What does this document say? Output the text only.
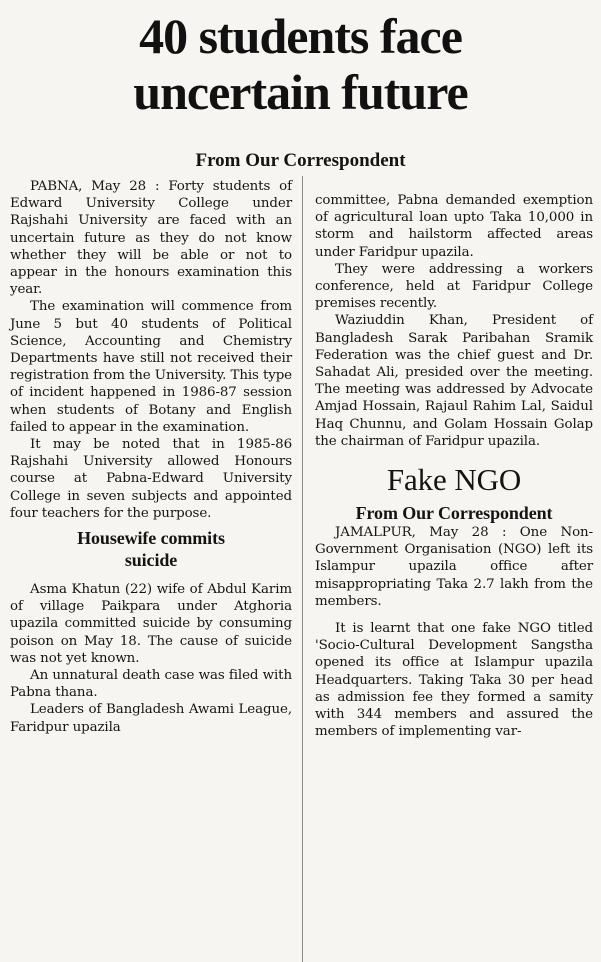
40 students face
uncertain future
From Our Correspondent

PABNA, May 28 : Forty students of Edward University College under Rajshahi University are faced with an uncertain future as they do not know whether they will be able or not to appear in the honours examination this year.

The examination will commence from June 5 but 40 students of Political Science, Accounting and Chemistry Departments have still not received their registration from the University. This type of incident happened in 1986-87 session when students of Botany and English failed to appear in the examination.

It may be noted that in 1985-86 Rajshahi University allowed Honours course at Pabna-Edward University College in seven subjects and appointed four teachers for the purpose.

Housewife commits
suicide

Asma Khatun (22) wife of Abdul Karim of village Paikpara under Atghoria upazila committed suicide by consuming poison on May 18. The cause of suicide was not yet known.

An unnatural death case was filed with Pabna thana.

Leaders of Bangladesh Awami League, Faridpur upazila

committee, Pabna demanded exemption of agricultural loan upto Taka 10,000 in storm and hailstorm affected areas under Faridpur upazila.

They were addressing a workers conference, held at Faridpur College premises recently.

Waziuddin Khan, President of Bangladesh Sarak Paribahan Sramik Federation was the chief guest and Dr. Sahadat Ali, presided over the meeting. The meeting was addressed by Advocate Amjad Hossain, Rajaul Rahim Lal, Saidul Haq Chunnu, and Golam Hossain Golap the chairman of Faridpur upazila.

Fake NGO
From Our Correspondent

JAMALPUR, May 28 : One Non-Government Organisation (NGO) left its Islampur upazila office after misappropriating Taka 2.7 lakh from the members.

It is learnt that one fake NGO titled 'Socio-Cultural Development Sangstha opened its office at Islampur upazila Headquarters. Taking Taka 30 per head as admission fee they formed a samity with 344 members and assured the members of implementing var-
